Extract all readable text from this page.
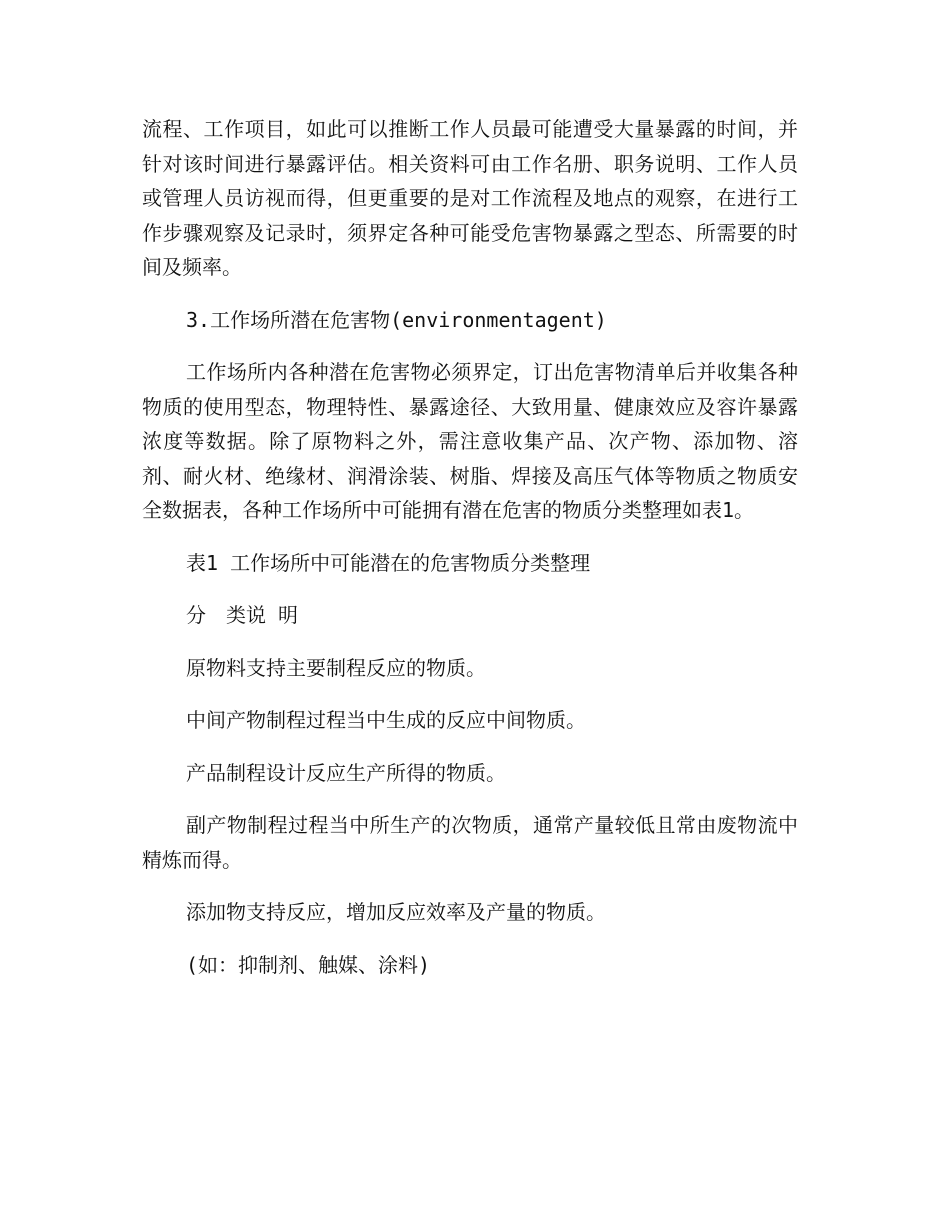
流程、工作项目，如此可以推断工作人员最可能遭受大量暴露的时间，并针对该时间进行暴露评估。相关资料可由工作名册、职务说明、工作人员或管理人员访视而得，但更重要的是对工作流程及地点的观察，在进行工作步骤观察及记录时，须界定各种可能受危害物暴露之型态、所需要的时间及频率。

3.工作场所潜在危害物(environmentagent)

工作场所内各种潜在危害物必须界定，订出危害物清单后并收集各种物质的使用型态，物理特性、暴露途径、大致用量、健康效应及容许暴露浓度等数据。除了原物料之外，需注意收集产品、次产物、添加物、溶剂、耐火材、绝缘材、润滑涂装、树脂、焊接及高压气体等物质之物质安全数据表，各种工作场所中可能拥有潜在危害的物质分类整理如表1。

表1 工作场所中可能潜在的危害物质分类整理

分　类说 明

原物料支持主要制程反应的物质。

中间产物制程过程当中生成的反应中间物质。

产品制程设计反应生产所得的物质。

副产物制程过程当中所生产的次物质，通常产量较低且常由废物流中精炼而得。

添加物支持反应，增加反应效率及产量的物质。

(如：抑制剂、触媒、涂料)
